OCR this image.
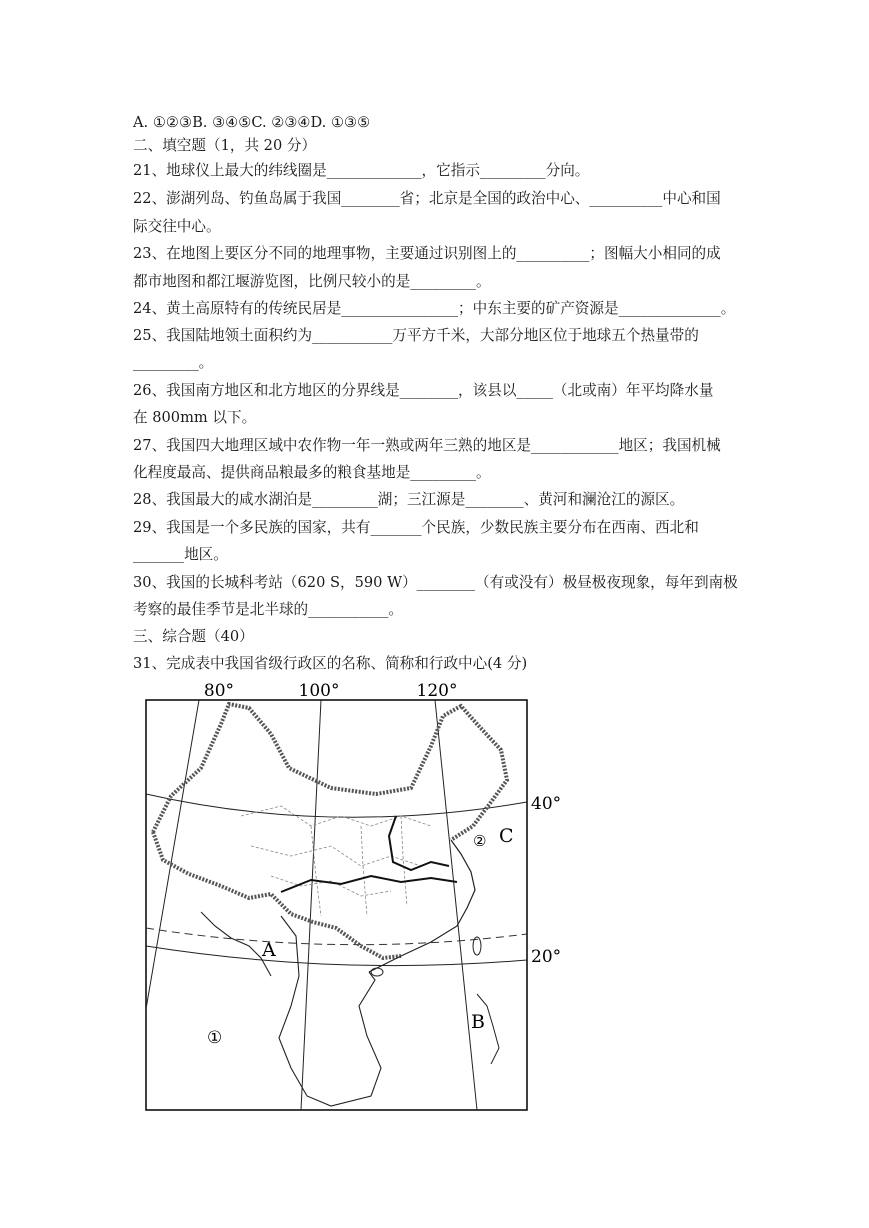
A. ①②③B. ③④⑤C. ②③④D. ①③⑤
二、填空题（1，共 20 分）
21、地球仪上最大的纬线圈是_____________，它指示_________分向。
22、澎湖列岛、钓鱼岛属于我国________省；北京是全国的政治中心、__________中心和国
际交往中心。
23、在地图上要区分不同的地理事物，主要通过识别图上的__________；图幅大小相同的成
都市地图和都江堰游览图，比例尺较小的是_________。
24、黄土高原特有的传统民居是________________；中东主要的矿产资源是______________。
25、我国陆地领土面积约为___________万平方千米，大部分地区位于地球五个热量带的
_________。
26、我国南方地区和北方地区的分界线是________，该县以_____（北或南）年平均降水量
在 800mm 以下。
27、我国四大地理区域中农作物一年一熟或两年三熟的地区是____________地区；我国机械
化程度最高、提供商品粮最多的粮食基地是_________。
28、我国最大的咸水湖泊是_________湖；三江源是________、黄河和澜沧江的源区。
29、我国是一个多民族的国家，共有_______个民族，少数民族主要分布在西南、西北和
_______地区。
30、我国的长城科考站（620 S，590 W）________（有或没有）极昼极夜现象，每年到南极
考察的最佳季节是北半球的___________。
三、综合题（40）
31、完成表中我国省级行政区的名称、简称和行政中心(4 分)
80°	100°	120°
40°
20°
A
B
C
①
②
